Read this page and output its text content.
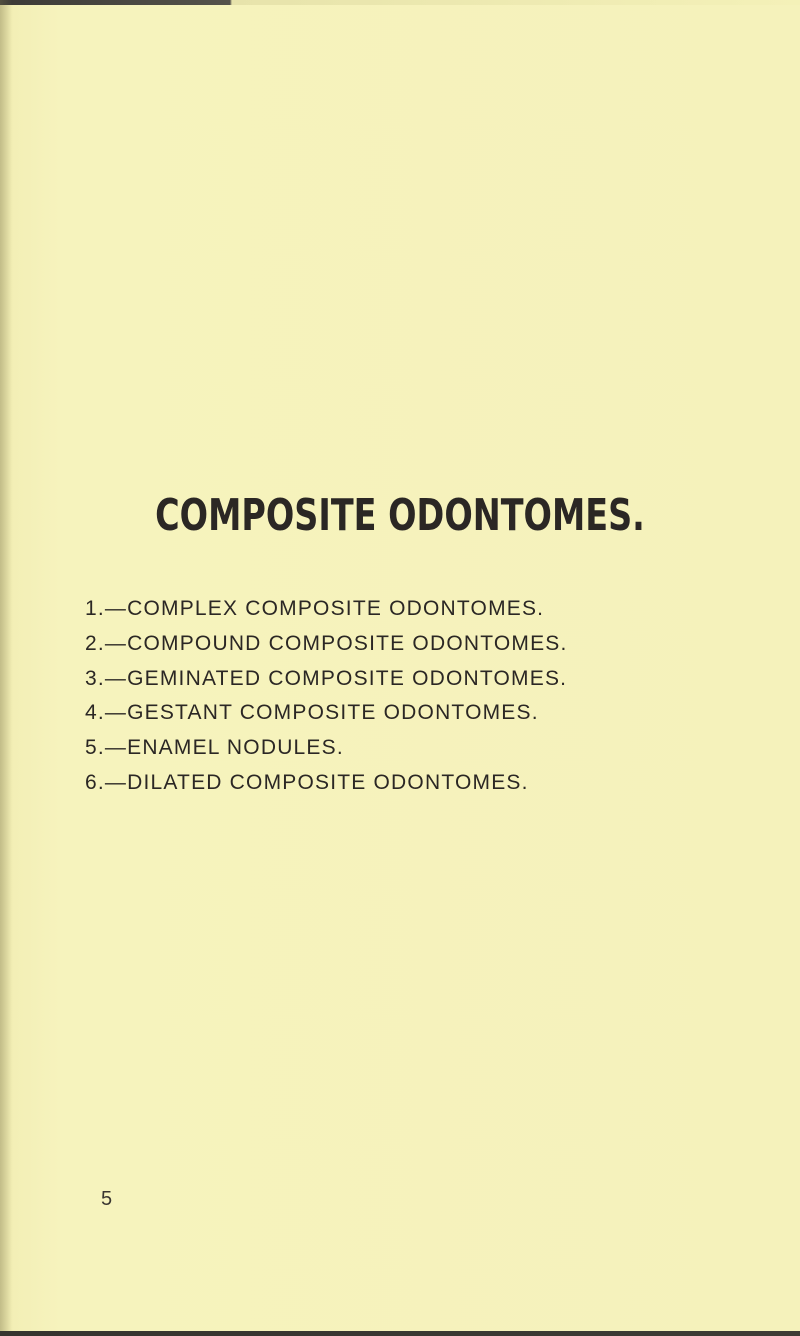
COMPOSITE ODONTOMES.
1.—COMPLEX COMPOSITE ODONTOMES.
2.—COMPOUND COMPOSITE ODONTOMES.
3.—GEMINATED COMPOSITE ODONTOMES.
4.—GESTANT COMPOSITE ODONTOMES.
5.—ENAMEL NODULES.
6.—DILATED COMPOSITE ODONTOMES.
5
